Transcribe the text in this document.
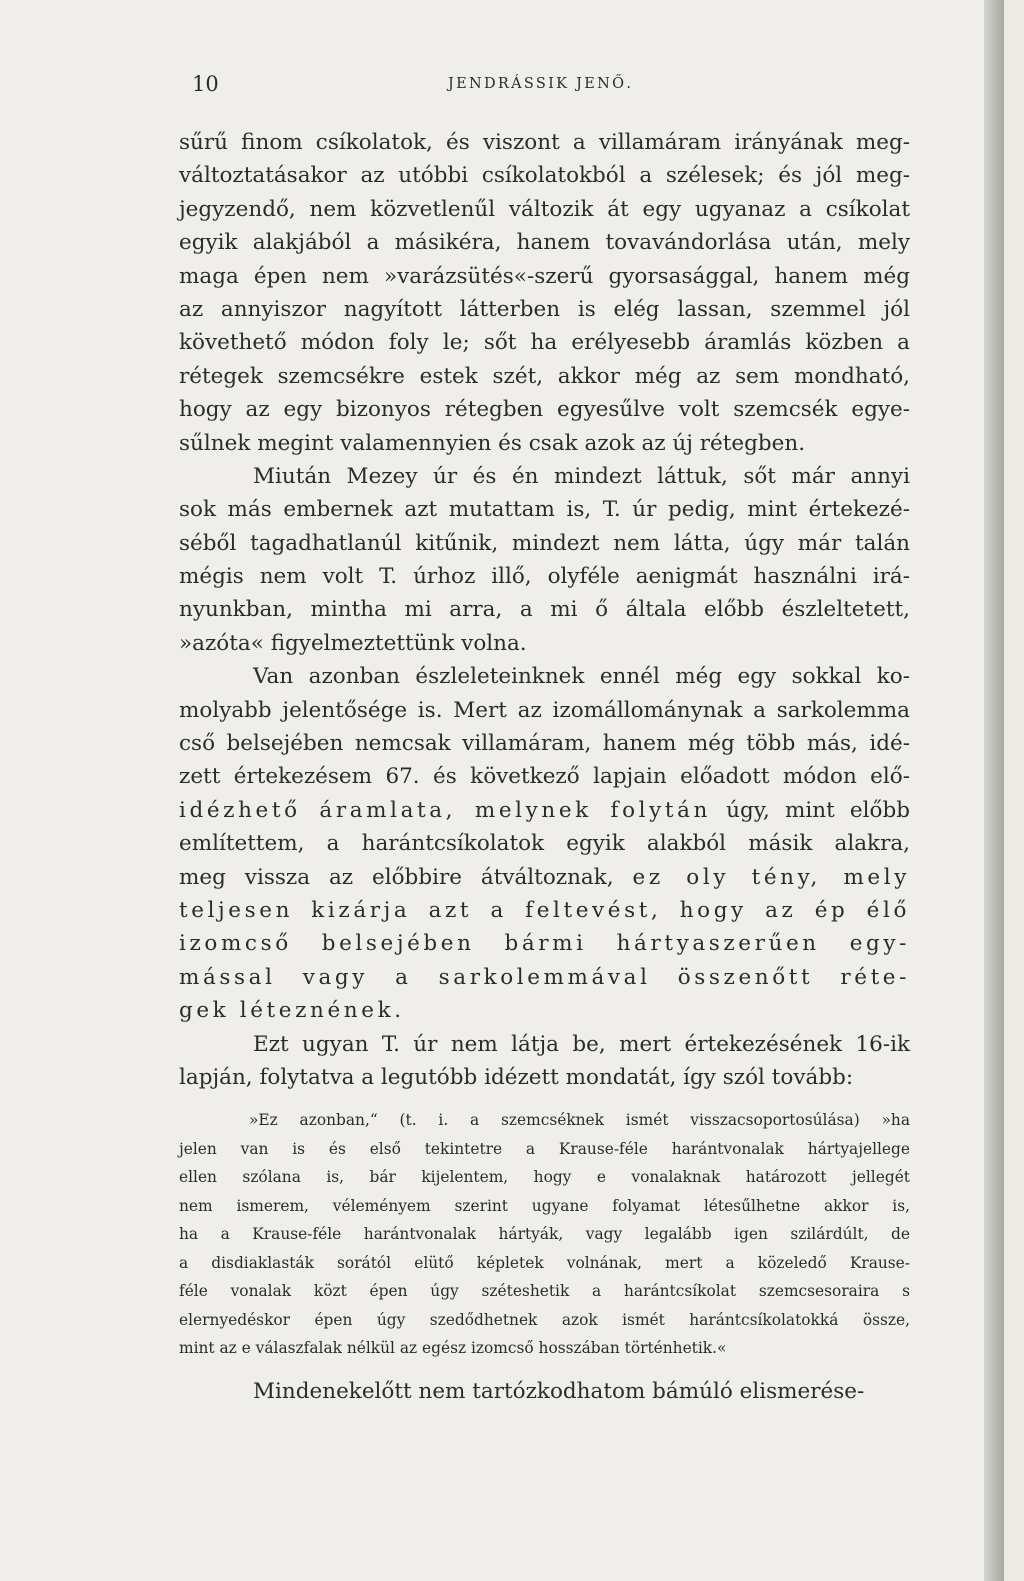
10	JENDRÁSSIK JENŐ.
sűrű finom csíkolatok, és viszont a villamáram irányának meg-
változtatásakor az utóbbi csíkolatokból a szélesek; és jól meg-
jegyzendő, nem közvetlenűl változik át egy ugyanaz a csíkolat
egyik alakjából a másikéra, hanem tovavándorlása után, mely
maga épen nem »varázsütés«-szerű gyorsasággal, hanem még
az annyiszor nagyított látterben is elég lassan, szemmel jól
követhető módon foly le; sőt ha erélyesebb áramlás közben a
rétegek szemcsékre estek szét, akkor még az sem mondható,
hogy az egy bizonyos rétegben egyesűlve volt szemcsék egye-
sűlnek megint valamennyien és csak azok az új rétegben.
Miután Mezey úr és én mindezt láttuk, sőt már annyi
sok más embernek azt mutattam is, T. úr pedig, mint értekezé-
séből tagadhatlanúl kitűnik, mindezt nem látta, úgy már talán
mégis nem volt T. úrhoz illő, olyféle aenigmát használni irá-
nyunkban, mintha mi arra, a mi ő általa előbb észleltetett,
»azóta« figyelmeztettünk volna.
Van azonban észleleteinknek ennél még egy sokkal ko-
molyabb jelentősége is. Mert az izomállománynak a sarkolemma
cső belsejében nemcsak villamáram, hanem még több más, idé-
zett értekezésem 67. és következő lapjain előadott módon elő-
idézhető áramlata, melynek folytán úgy, mint előbb
említettem, a harántcsíkolatok egyik alakból másik alakra,
meg vissza az előbbire átváltoznak, ez oly tény, mely
teljesen kizárja azt a feltevést, hogy az ép élő
izomcső belsejében bármi hártyaszerűen egy-
mással vagy a sarkolemmával összenőtt réte-
gek léteznének.
Ezt ugyan T. úr nem látja be, mert értekezésének 16-ik
lapján, folytatva a legutóbb idézett mondatát, így szól tovább:
»Ez azonban,“ (t. i. a szemcséknek ismét visszacsoportosúlása) »ha
jelen van is és első tekintetre a Krause-féle harántvonalak hártyajellege
ellen szólana is, bár kijelentem, hogy e vonalaknak határozott jellegét
nem ismerem, véleményem szerint ugyane folyamat létesűlhetne akkor is,
ha a Krause-féle harántvonalak hártyák, vagy legalább igen szilárdúlt, de
a disdiaklasták sorától elütő képletek volnának, mert a közeledő Krause-
féle vonalak közt épen úgy széteshetik a harántcsíkolat szemcsesoraira s
elernyedéskor épen úgy szedődhetnek azok ismét harántcsíkolatokká össze,
mint az e válaszfalak nélkül az egész izomcső hosszában történhetik.«
Mindenekelőtt nem tartózkodhatom bámúló elismerése-
